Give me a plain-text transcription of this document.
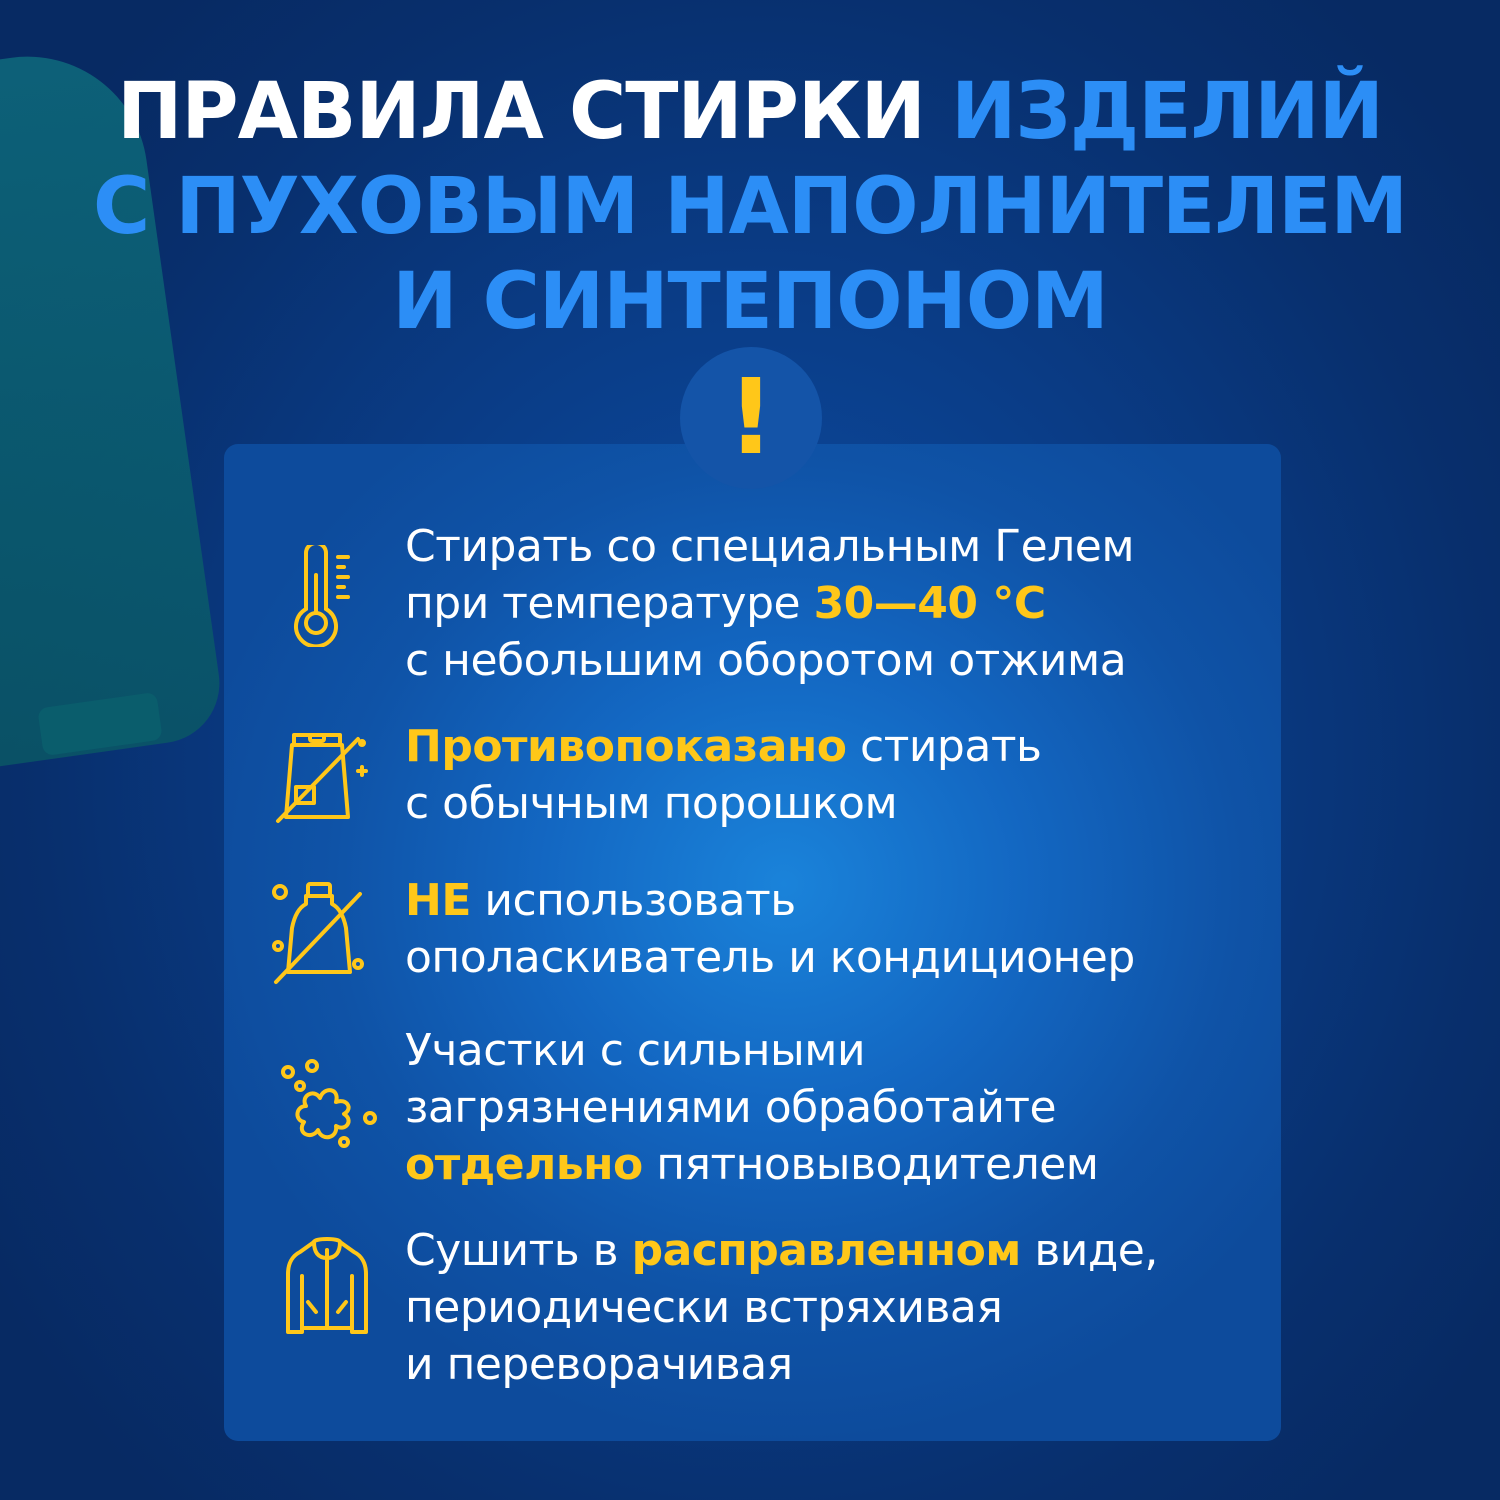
ПРАВИЛА СТИРКИ ИЗДЕЛИЙ
С ПУХОВЫМ НАПОЛНИТЕЛЕМ
И СИНТЕПОНОМ
!
Стирать со специальным Гелем
при температуре 30—40 °C
с небольшим оборотом отжима
Противопоказано стирать
с обычным порошком
НЕ использовать
ополаскиватель и кондиционер
Участки с сильными
загрязнениями обработайте
отдельно пятновыводителем
Сушить в расправленном виде,
периодически встряхивая
и переворачивая
